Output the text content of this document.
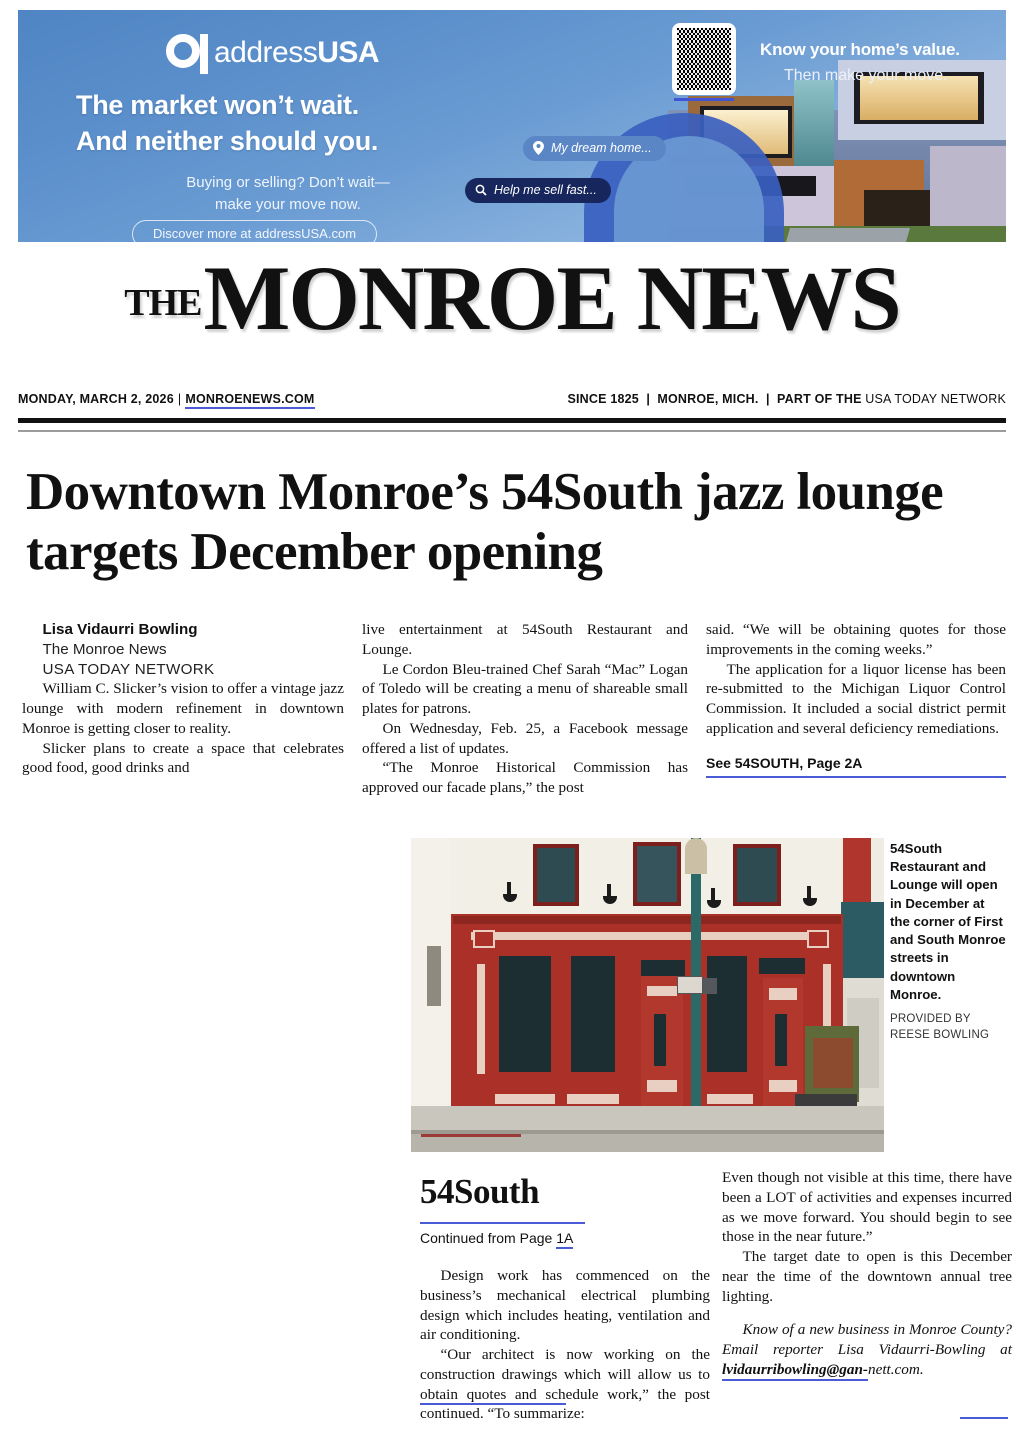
addressUSA
The market won’t wait.
And neither should you.
Buying or selling? Don’t wait—
make your move now.
Discover more at addressUSA.com
Know your home’s value.
Then make your move.
My dream home...
Help me sell fast...
THEMONROE NEWS
MONDAY, MARCH 2, 2026 | MONROENEWS.COM	SINCE 1825 | MONROE, MICH. | PART OF THE USA TODAY NETWORK
Downtown Monroe’s 54South jazz lounge targets December opening

Lisa Vidaurri Bowling

The Monroe News

USA TODAY NETWORK

William C. Slicker’s vision to offer a vintage jazz lounge with modern refinement in downtown Monroe is getting closer to reality.

Slicker plans to create a space that celebrates good food, good drinks and

live entertainment at 54South Restaurant and Lounge.

Le Cordon Bleu-trained Chef Sarah “Mac” Logan of Toledo will be creating a menu of shareable small plates for patrons.

On Wednesday, Feb. 25, a Facebook message offered a list of updates.

“The Monroe Historical Commission has approved our facade plans,” the post

said. “We will be obtaining quotes for those improvements in the coming weeks.”

The application for a liquor license has been re-submitted to the Michigan Liquor Control Commission. It included a social district permit application and several deficiency remediations.

See 54SOUTH, Page 2A

54South Restaurant and Lounge will open in December at the corner of First and South Monroe streets in downtown Monroe.

PROVIDED BY
REESE BOWLING

54South
Continued from Page 1A

Design work has commenced on the business’s mechanical electrical plumbing design which includes heating, ventilation and air conditioning.

“Our architect is now working on the construction drawings which will allow us to obtain quotes and schedule work,” the post continued. “To summarize:

Even though not visible at this time, there have been a LOT of activities and expenses incurred as we move forward. You should begin to see those in the near future.”

The target date to open is this December near the time of the downtown annual tree lighting.

Know of a new business in Monroe County? Email reporter Lisa Vidaurri-Bowling at lvidaurribowling@gan-nett.com.
